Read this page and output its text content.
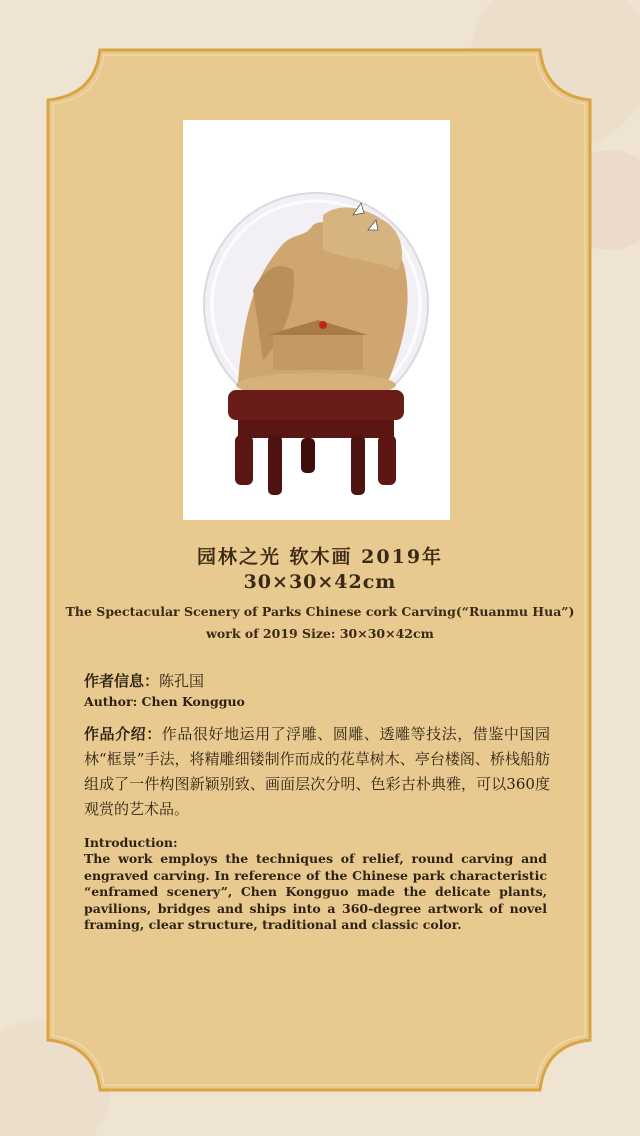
园林之光 软木画 2019年
30×30×42cm
The Spectacular Scenery of Parks Chinese cork Carving(“Ruanmu Hua”)
work of 2019 Size: 30×30×42cm
作者信息：陈孔国
Author: Chen Kongguo
作品介绍：作品很好地运用了浮雕、圆雕、透雕等技法，借鉴中国园林“框景”手法，将精雕细镂制作而成的花草树木、亭台楼阁、桥栈船舫组成了一件构图新颖别致、画面层次分明、色彩古朴典雅，可以360度观赏的艺术品。
Introduction:
The work employs the techniques of relief, round carving and engraved carving. In reference of the Chinese park characteristic “enframed scenery”, Chen Kongguo made the delicate plants, pavilions, bridges and ships into a 360-degree artwork of novel framing, clear structure, traditional and classic color.
